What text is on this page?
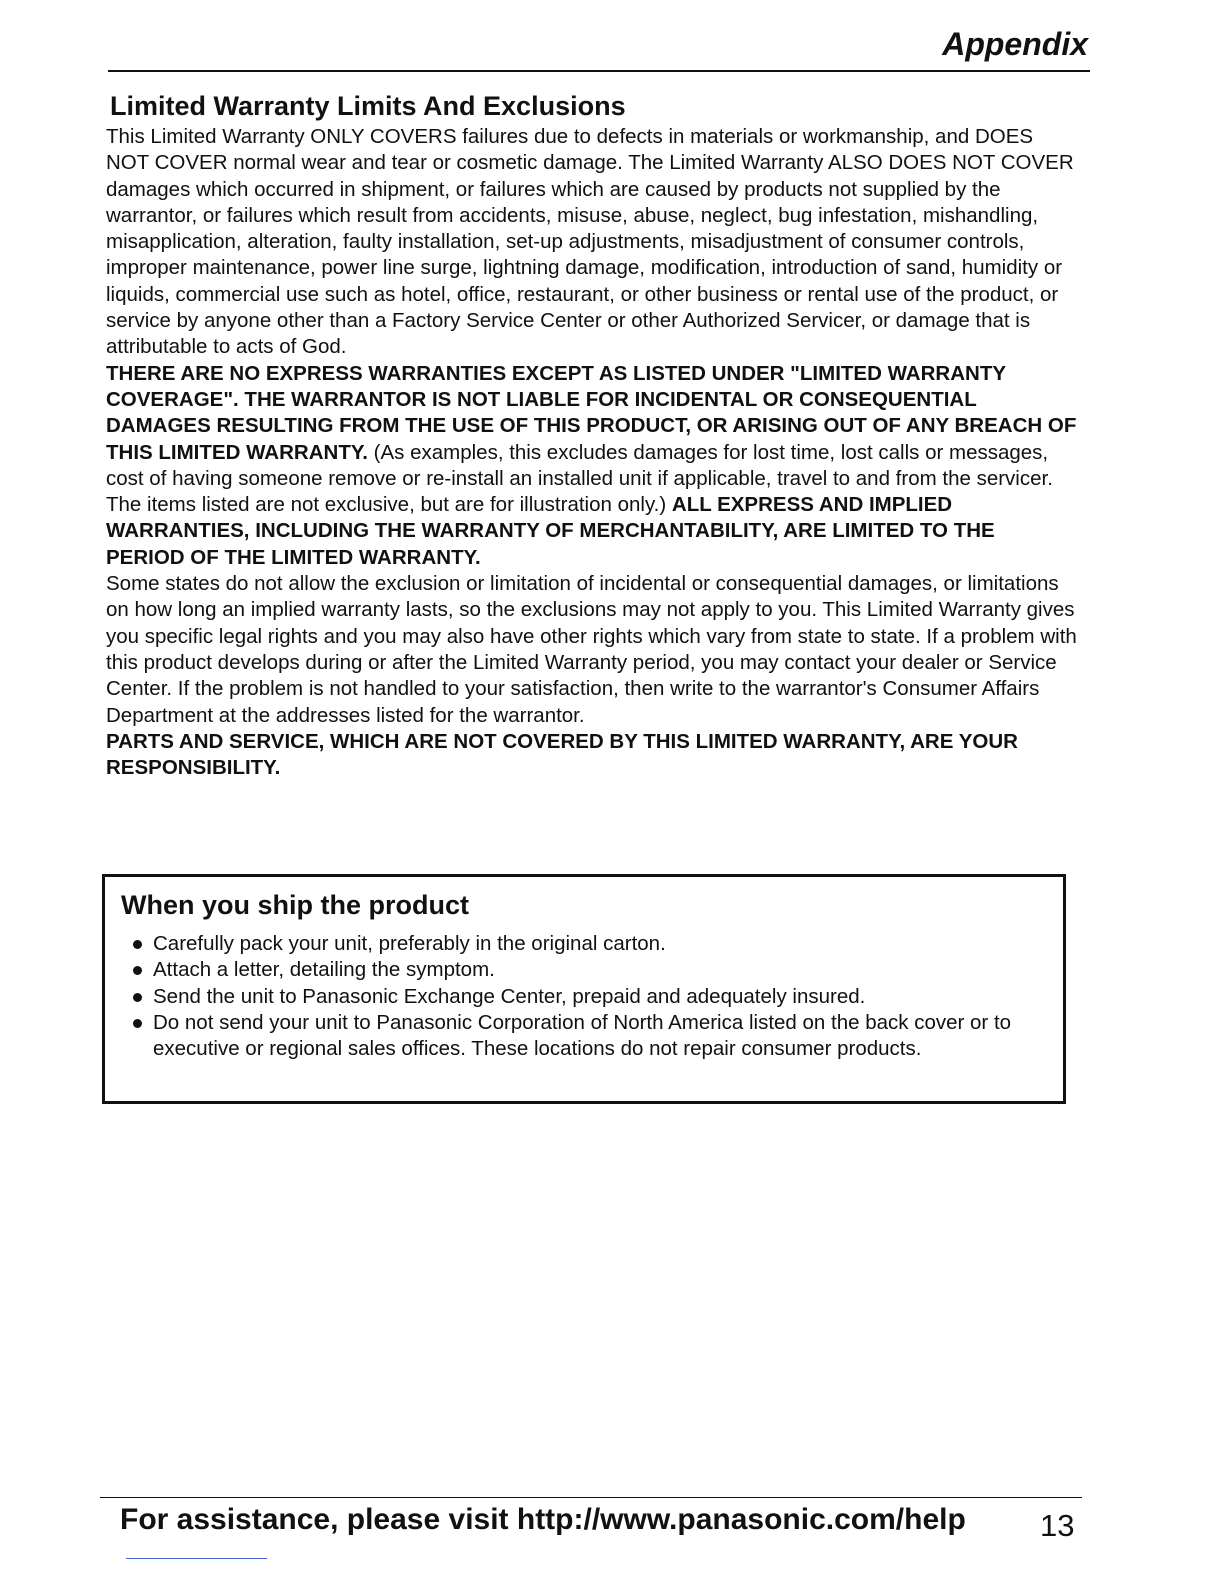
Appendix
Limited Warranty Limits And Exclusions

This Limited Warranty ONLY COVERS failures due to defects in materials or workmanship, and DOES NOT COVER normal wear and tear or cosmetic damage. The Limited Warranty ALSO DOES NOT COVER damages which occurred in shipment, or failures which are caused by products not supplied by the warrantor, or failures which result from accidents, misuse, abuse, neglect, bug infestation, mishandling, misapplication, alteration, faulty installation, set-up adjustments, misadjustment of consumer controls, improper maintenance, power line surge, lightning damage, modification, introduction of sand, humidity or liquids, commercial use such as hotel, office, restaurant, or other business or rental use of the product, or service by anyone other than a Factory Service Center or other Authorized Servicer, or damage that is attributable to acts of God.

THERE ARE NO EXPRESS WARRANTIES EXCEPT AS LISTED UNDER "LIMITED WARRANTY COVERAGE". THE WARRANTOR IS NOT LIABLE FOR INCIDENTAL OR CONSEQUENTIAL DAMAGES RESULTING FROM THE USE OF THIS PRODUCT, OR ARISING OUT OF ANY BREACH OF THIS LIMITED WARRANTY. (As examples, this excludes damages for lost time, lost calls or messages, cost of having someone remove or re-install an installed unit if applicable, travel to and from the servicer. The items listed are not exclusive, but are for illustration only.) ALL EXPRESS AND IMPLIED WARRANTIES, INCLUDING THE WARRANTY OF MERCHANTABILITY, ARE LIMITED TO THE PERIOD OF THE LIMITED WARRANTY.

Some states do not allow the exclusion or limitation of incidental or consequential damages, or limitations on how long an implied warranty lasts, so the exclusions may not apply to you. This Limited Warranty gives you specific legal rights and you may also have other rights which vary from state to state. If a problem with this product develops during or after the Limited Warranty period, you may contact your dealer or Service Center. If the problem is not handled to your satisfaction, then write to the warrantor's Consumer Affairs Department at the addresses listed for the warrantor.

PARTS AND SERVICE, WHICH ARE NOT COVERED BY THIS LIMITED WARRANTY, ARE YOUR RESPONSIBILITY.

When you ship the product
Carefully pack your unit, preferably in the original carton.
Attach a letter, detailing the symptom.
Send the unit to Panasonic Exchange Center, prepaid and adequately insured.
Do not send your unit to Panasonic Corporation of North America listed on the back cover or to executive or regional sales offices. These locations do not repair consumer products.
For assistance, please visit http://www.panasonic.com/help 13
